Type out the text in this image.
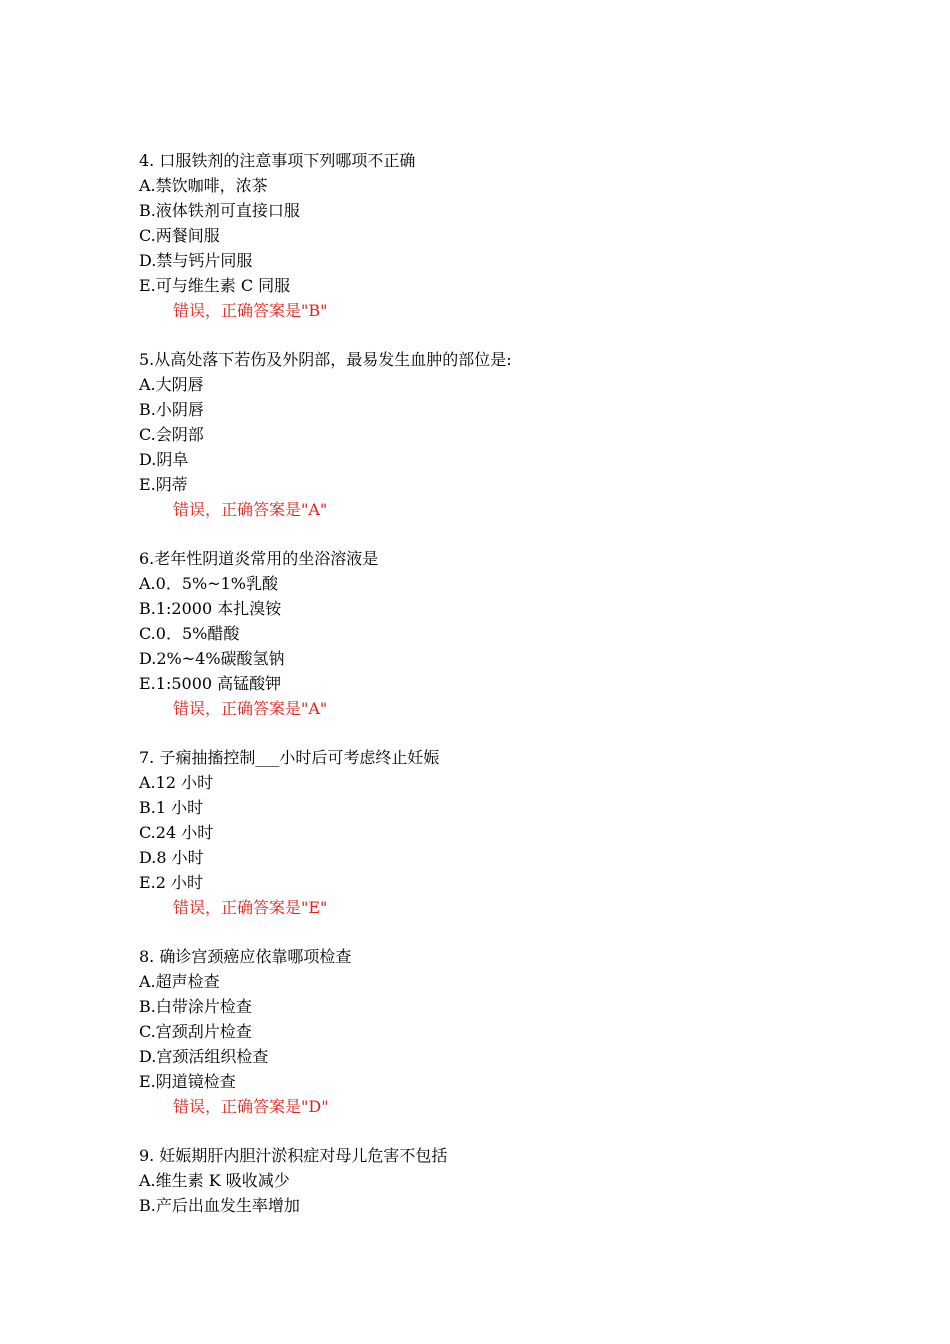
4. 口服铁剂的注意事项下列哪项不正确
A.禁饮咖啡，浓茶
B.液体铁剂可直接口服
C.两餐间服
D.禁与钙片同服
E.可与维生素 C 同服
错误，正确答案是"B"
5.从高处落下若伤及外阴部，最易发生血肿的部位是:
A.大阴唇
B.小阴唇
C.会阴部
D.阴阜
E.阴蒂
错误，正确答案是"A"
6.老年性阴道炎常用的坐浴溶液是
A.0．5%~1%乳酸
B.1:2000 本扎溴铵
C.0．5%醋酸
D.2%~4%碳酸氢钠
E.1:5000 高锰酸钾
错误，正确答案是"A"
7. 子痫抽搐控制___小时后可考虑终止妊娠
A.12 小时
B.1 小时
C.24 小时
D.8 小时
E.2 小时
错误，正确答案是"E"
8. 确诊宫颈癌应依靠哪项检查
A.超声检查
B.白带涂片检查
C.宫颈刮片检查
D.宫颈活组织检查
E.阴道镜检查
错误，正确答案是"D"
9. 妊娠期肝内胆汁淤积症对母儿危害不包括
A.维生素 K 吸收减少
B.产后出血发生率增加
